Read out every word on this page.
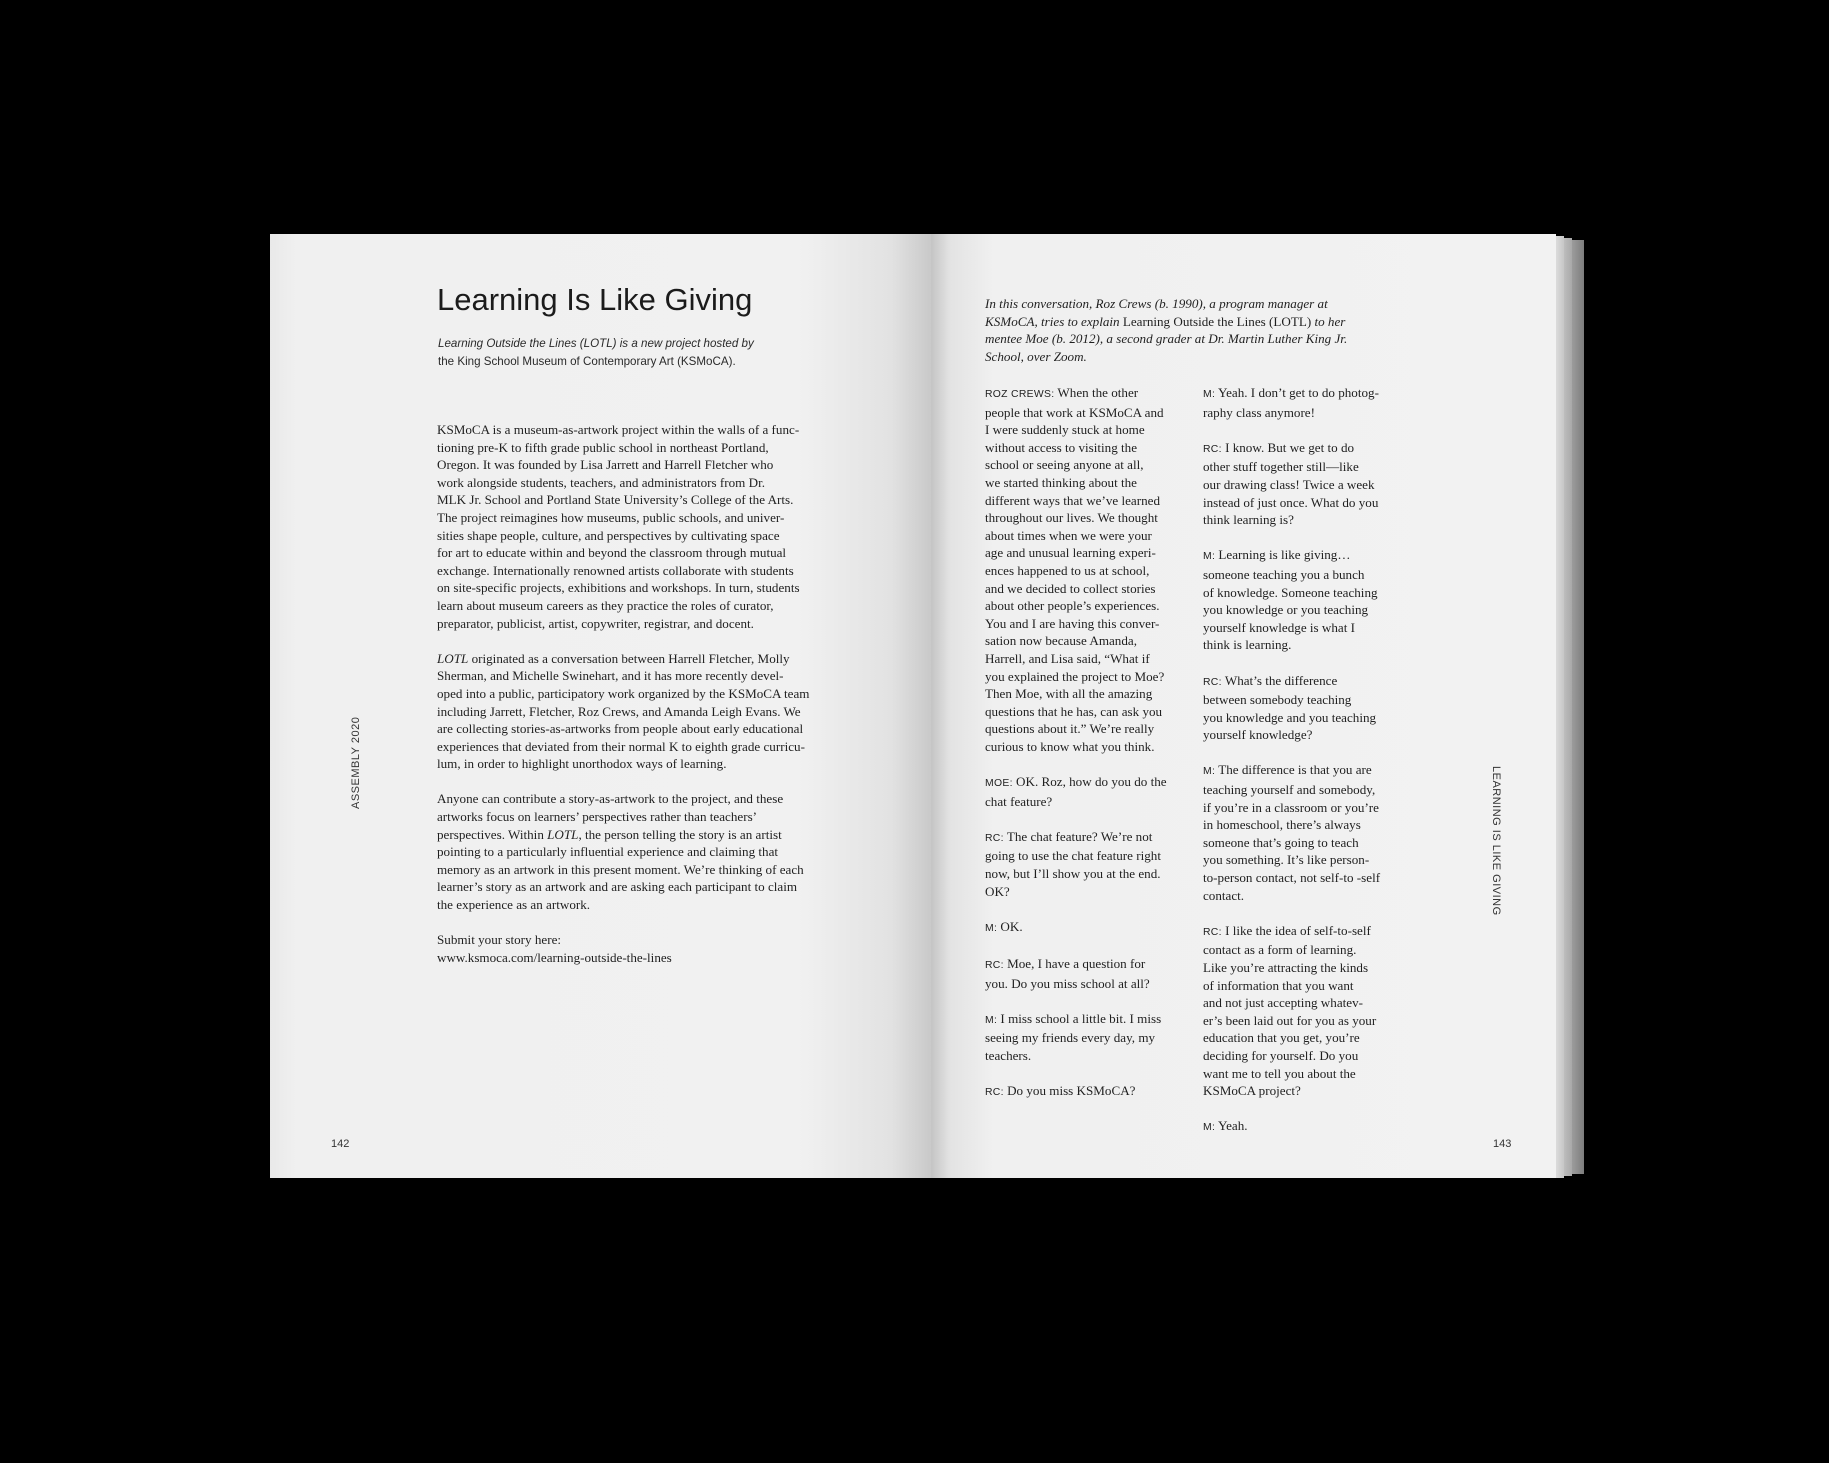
Learning Is Like Giving

Learning Outside the Lines (LOTL) is a new project hosted by

the King School Museum of Contemporary Art (KSMoCA).

KSMoCA is a museum-as-artwork project within the walls of a func-
tioning pre-K to fifth grade public school in northeast Portland,
Oregon. It was founded by Lisa Jarrett and Harrell Fletcher who
work alongside students, teachers, and administrators from Dr.
MLK Jr. School and Portland State University’s College of the Arts.
The project reimagines how museums, public schools, and univer-
sities shape people, culture, and perspectives by cultivating space
for art to educate within and beyond the classroom through mutual
exchange. Internationally renowned artists collaborate with students
on site-specific projects, exhibitions and workshops. In turn, students
learn about museum careers as they practice the roles of curator,
preparator, publicist, artist, copywriter, registrar, and docent.

LOTL originated as a conversation between Harrell Fletcher, Molly
Sherman, and Michelle Swinehart, and it has more recently devel-
oped into a public, participatory work organized by the KSMoCA team
including Jarrett, Fletcher, Roz Crews, and Amanda Leigh Evans. We
are collecting stories-as-artworks from people about early educational
experiences that deviated from their normal K to eighth grade curricu-
lum, in order to highlight unorthodox ways of learning.

Anyone can contribute a story-as-artwork to the project, and these
artworks focus on learners’ perspectives rather than teachers’
perspectives. Within LOTL, the person telling the story is an artist
pointing to a particularly influential experience and claiming that
memory as an artwork in this present moment. We’re thinking of each
learner’s story as an artwork and are asking each participant to claim
the experience as an artwork.

Submit your story here:
www.ksmoca.com/learning-outside-the-lines

ASSEMBLY 2020
LEARNING IS LIKE GIVING
142	143
In this conversation, Roz Crews (b. 1990), a program manager at
KSMoCA, tries to explain Learning Outside the Lines (LOTL) to her
mentee Moe (b. 2012), a second grader at Dr. Martin Luther King Jr.
School, over Zoom.

ROZ CREWS: When the other
people that work at KSMoCA and
I were suddenly stuck at home
without access to visiting the
school or seeing anyone at all,
we started thinking about the
different ways that we’ve learned
throughout our lives. We thought
about times when we were your
age and unusual learning experi-
ences happened to us at school,
and we decided to collect stories
about other people’s experiences.
You and I are having this conver-
sation now because Amanda,
Harrell, and Lisa said, “What if
you explained the project to Moe?
Then Moe, with all the amazing
questions that he has, can ask you
questions about it.” We’re really
curious to know what you think.

MOE: OK. Roz, how do you do the
chat feature?

RC: The chat feature? We’re not
going to use the chat feature right
now, but I’ll show you at the end.
OK?

M: OK.

RC: Moe, I have a question for
you. Do you miss school at all?

M: I miss school a little bit. I miss
seeing my friends every day, my
teachers.

RC: Do you miss KSMoCA?

M: Yeah. I don’t get to do photog-
raphy class anymore!

RC: I know. But we get to do
other stuff together still—like
our drawing class! Twice a week
instead of just once. What do you
think learning is?

M: Learning is like giving…
someone teaching you a bunch
of knowledge. Someone teaching
you knowledge or you teaching
yourself knowledge is what I
think is learning.

RC: What’s the difference
between somebody teaching
you knowledge and you teaching
yourself knowledge?

M: The difference is that you are
teaching yourself and somebody,
if you’re in a classroom or you’re
in homeschool, there’s always
someone that’s going to teach
you something. It’s like person-
to-person contact, not self-to -self
contact.

RC: I like the idea of self-to-self
contact as a form of learning.
Like you’re attracting the kinds
of information that you want
and not just accepting whatev-
er’s been laid out for you as your
education that you get, you’re
deciding for yourself. Do you
want me to tell you about the
KSMoCA project?

M: Yeah.
